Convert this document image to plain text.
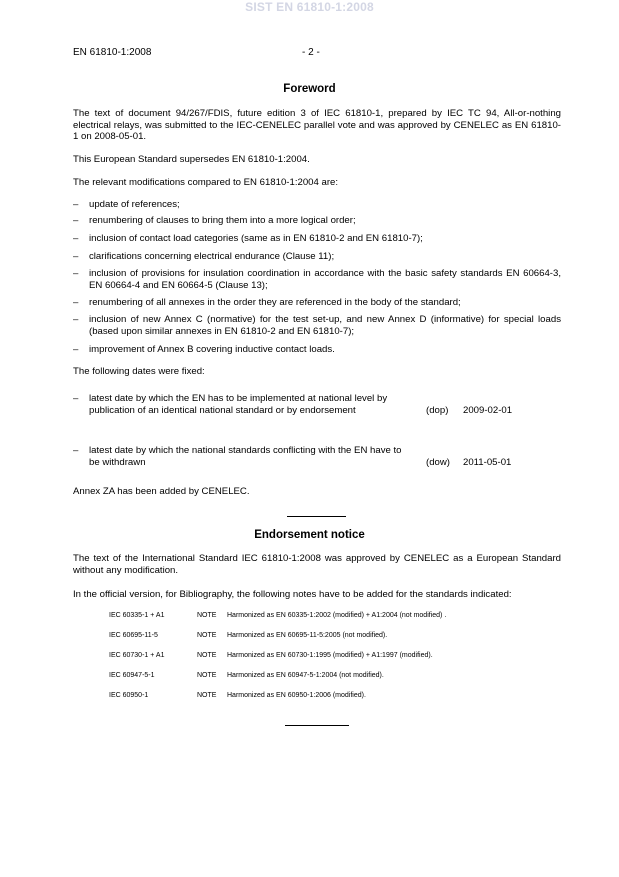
SIST EN 61810-1:2008
EN 61810-1:2008	- 2 -
Foreword
The text of document 94/267/FDIS, future edition 3 of IEC 61810-1, prepared by IEC TC 94, All-or-nothing electrical relays, was submitted to the IEC-CENELEC parallel vote and was approved by CENELEC as EN 61810-1 on 2008-05-01.
This European Standard supersedes EN 61810-1:2004.
The relevant modifications compared to EN 61810-1:2004 are:
– update of references;
– renumbering of clauses to bring them into a more logical order;
– inclusion of contact load categories (same as in EN 61810-2 and EN 61810-7);
– clarifications concerning electrical endurance (Clause 11);
– inclusion of provisions for insulation coordination in accordance with the basic safety standards EN 60664-3, EN 60664-4 and EN 60664-5 (Clause 13);
– renumbering of all annexes in the order they are referenced in the body of the standard;
– inclusion of new Annex C (normative) for the test set-up, and new Annex D (informative) for special loads (based upon similar annexes in EN 61810-2 and EN 61810-7);
– improvement of Annex B covering inductive contact loads.
The following dates were fixed:
– latest date by which the EN has to be implemented at national level by publication of an identical national standard or by endorsement	(dop) 2009-02-01
– latest date by which the national standards conflicting with the EN have to be withdrawn	(dow) 2011-05-01
Annex ZA has been added by CENELEC.
Endorsement notice
The text of the International Standard IEC 61810-1:2008 was approved by CENELEC as a European Standard without any modification.
In the official version, for Bibliography, the following notes have to be added for the standards indicated:
IEC 60335-1 + A1	NOTE Harmonized as EN 60335-1:2002 (modified) + A1:2004 (not modified) .
IEC 60695-11-5	NOTE Harmonized as EN 60695-11-5:2005 (not modified).
IEC 60730-1 + A1	NOTE Harmonized as EN 60730-1:1995 (modified) + A1:1997 (modified).
IEC 60947-5-1	NOTE Harmonized as EN 60947-5-1:2004 (not modified).
IEC 60950-1	NOTE Harmonized as EN 60950-1:2006 (modified).
